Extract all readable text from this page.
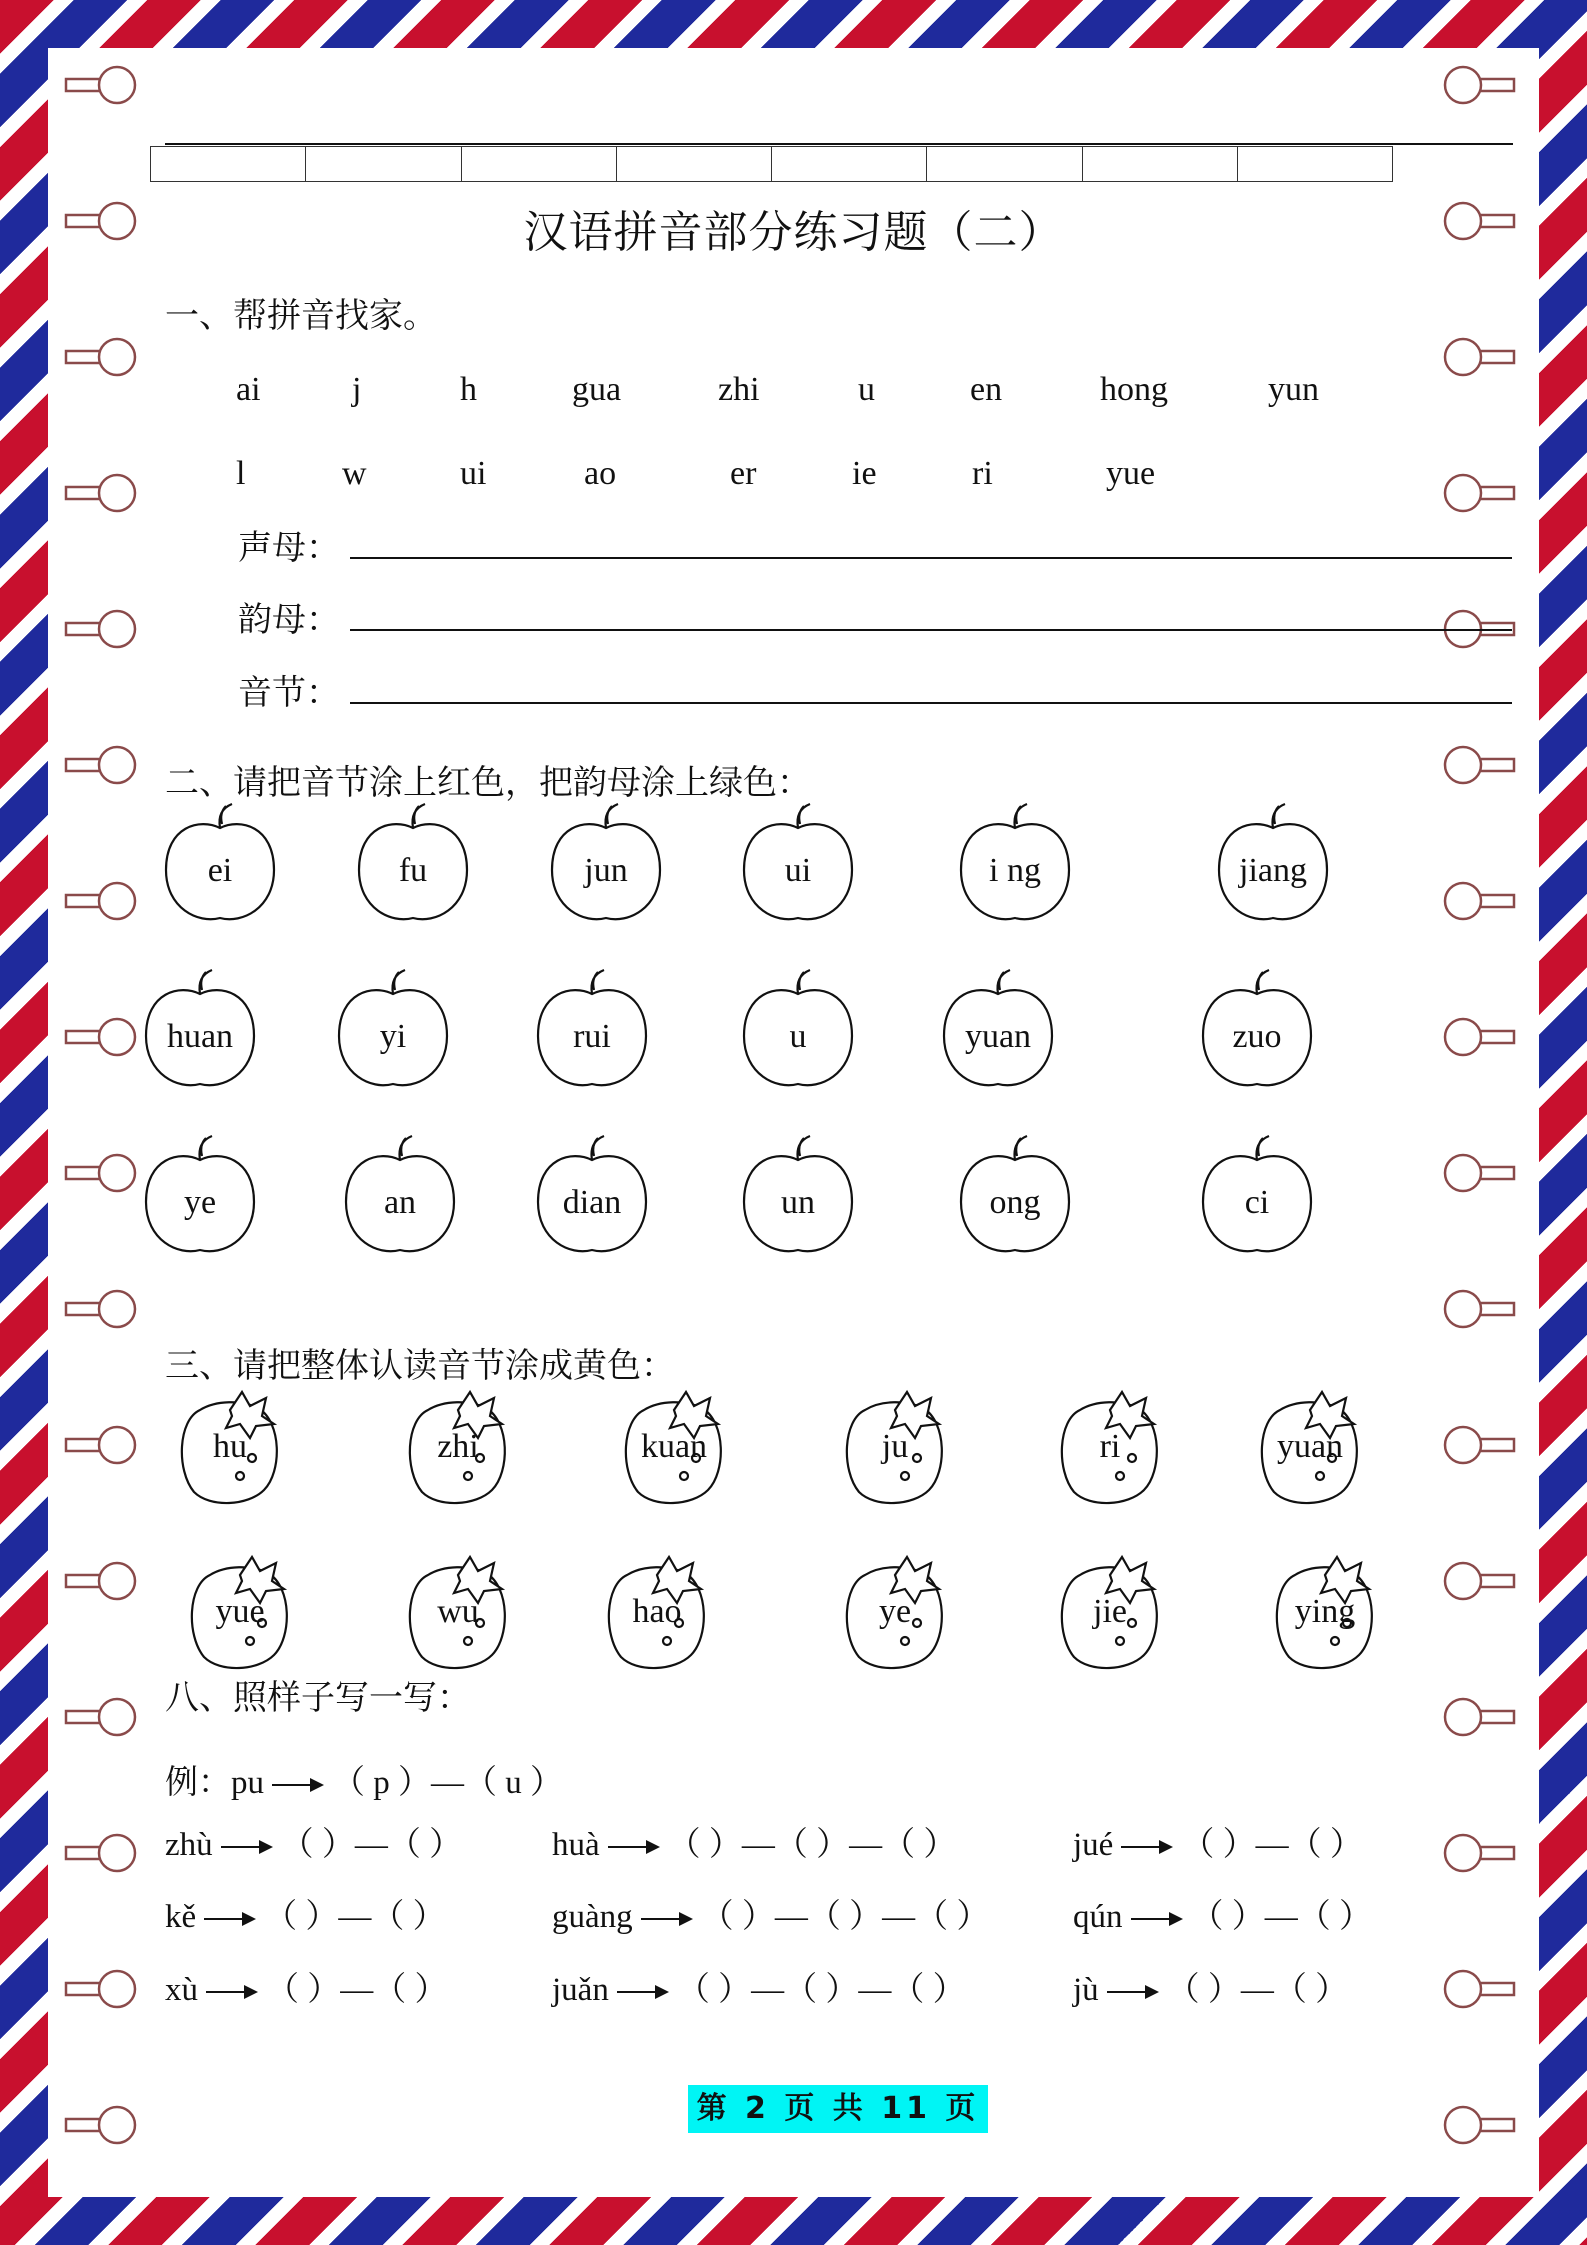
汉语拼音部分练习题（二）
一、帮拼音找家。
ai	j	h	gua	zhi	u	en	hong	yun
l	w	ui	ao	er	ie	ri	yue
声母：
韵母：
音节：
二、请把音节涂上红色，把韵母涂上绿色：
ei	fu	jun	ui	i ng	jiang
huan	yi	rui	u	yuan	zuo
ye	an	dian	un	ong	ci
三、请把整体认读音节涂成黄色：
hu	zhi	kuan	ju	ri	yuan
yue	wu	hao	ye	jie	ying
八、照样子写一写：
例：pu （ p ）—（ u ）
zhù （ ）—（ ）	huà （ ）—（ ）—（ ）	jué （ ）—（ ）
kě （ ）—（ ）	guàng （ ）—（ ）—（ ）	qún （ ）—（ ）
xù （ ）—（ ）	juǎn （ ）—（ ）—（ ）	jù （ ）—（ ）
第 2 页 共 11 页
